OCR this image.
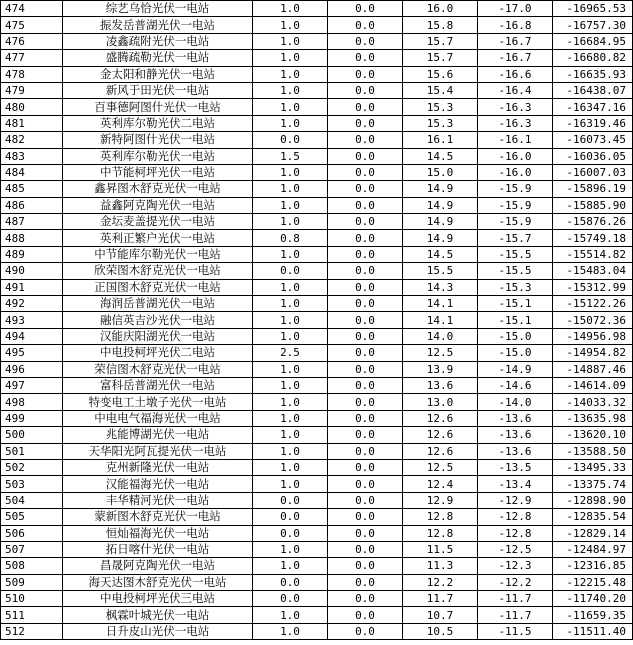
474	综艺乌恰光伏一电站	1.0	0.0	16.0	-17.0	-16965.53
475	振发岳普湖光伏一电站	1.0	0.0	15.8	-16.8	-16757.30
476	凌鑫疏附光伏一电站	1.0	0.0	15.7	-16.7	-16684.95
477	盛腾疏勒光伏一电站	1.0	0.0	15.7	-16.7	-16680.82
478	金太阳和静光伏一电站	1.0	0.0	15.6	-16.6	-16635.93
479	新风于田光伏一电站	1.0	0.0	15.4	-16.4	-16438.07
480	百事德阿图什光伏一电站	1.0	0.0	15.3	-16.3	-16347.16
481	英利库尔勒光伏二电站	1.0	0.0	15.3	-16.3	-16319.46
482	新特阿图什光伏一电站	0.0	0.0	16.1	-16.1	-16073.45
483	英利库尔勒光伏一电站	1.5	0.0	14.5	-16.0	-16036.05
484	中节能柯坪光伏一电站	1.0	0.0	15.0	-16.0	-16007.03
485	鑫昇图木舒克光伏一电站	1.0	0.0	14.9	-15.9	-15896.19
486	益鑫阿克陶光伏一电站	1.0	0.0	14.9	-15.9	-15885.90
487	金坛麦盖提光伏一电站	1.0	0.0	14.9	-15.9	-15876.26
488	英利正繁户光伏一电站	0.8	0.0	14.9	-15.7	-15749.18
489	中节能库尔勒光伏一电站	1.0	0.0	14.5	-15.5	-15514.82
490	欣荣图木舒克光伏一电站	0.0	0.0	15.5	-15.5	-15483.04
491	正国图木舒克光伏一电站	1.0	0.0	14.3	-15.3	-15312.99
492	海润岳普湖光伏一电站	1.0	0.0	14.1	-15.1	-15122.26
493	融信英吉沙光伏一电站	1.0	0.0	14.1	-15.1	-15072.36
494	汉能庆阳湖光伏一电站	1.0	0.0	14.0	-15.0	-14956.98
495	中电投柯坪光伏二电站	2.5	0.0	12.5	-15.0	-14954.82
496	荣信图木舒克光伏一电站	1.0	0.0	13.9	-14.9	-14887.46
497	富科岳普湖光伏一电站	1.0	0.0	13.6	-14.6	-14614.09
498	特变电工土墩子光伏一电站	1.0	0.0	13.0	-14.0	-14033.32
499	中电电气福海光伏一电站	1.0	0.0	12.6	-13.6	-13635.98
500	兆能博湖光伏一电站	1.0	0.0	12.6	-13.6	-13620.10
501	天华阳光阿瓦提光伏一电站	1.0	0.0	12.6	-13.6	-13588.50
502	克州新隆光伏一电站	1.0	0.0	12.5	-13.5	-13495.33
503	汉能福海光伏一电站	1.0	0.0	12.4	-13.4	-13375.74
504	丰华精河光伏一电站	0.0	0.0	12.9	-12.9	-12898.90
505	蒙新图木舒克光伏一电站	0.0	0.0	12.8	-12.8	-12835.54
506	恒灿福海光伏一电站	0.0	0.0	12.8	-12.8	-12829.14
507	拓日喀什光伏一电站	1.0	0.0	11.5	-12.5	-12484.97
508	昌晟阿克陶光伏一电站	1.0	0.0	11.3	-12.3	-12316.85
509	海天达图木舒克光伏一电站	0.0	0.0	12.2	-12.2	-12215.48
510	中电投柯坪光伏三电站	0.0	0.0	11.7	-11.7	-11740.20
511	枫霖叶城光伏一电站	1.0	0.0	10.7	-11.7	-11659.35
512	日升皮山光伏一电站	1.0	0.0	10.5	-11.5	-11511.40
